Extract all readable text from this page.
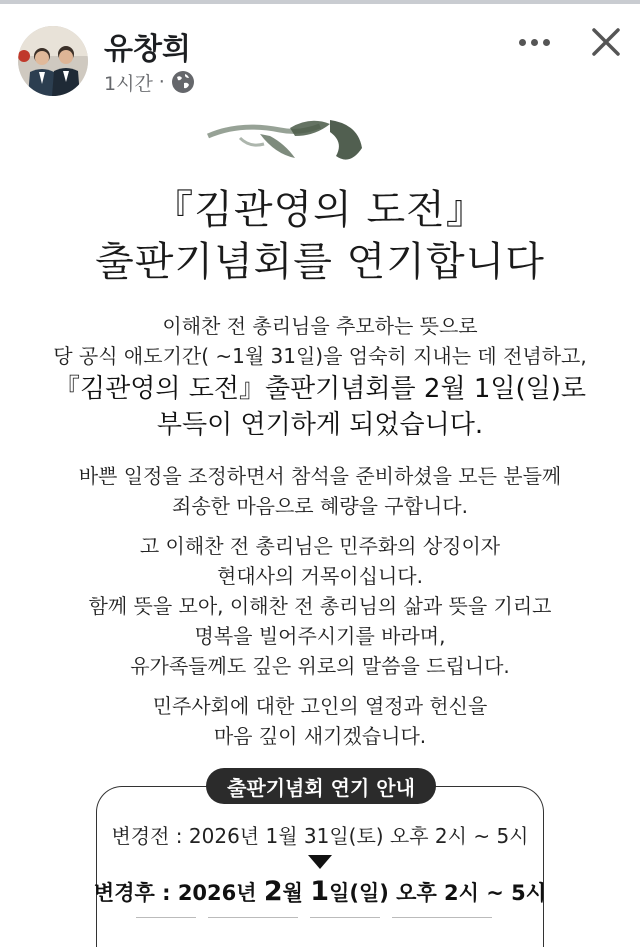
유창희
1시간 ·
『김관영의 도전』
출판기념회를 연기합니다
이해찬 전 총리님을 추모하는 뜻으로
당 공식 애도기간( ~1월 31일)을 엄숙히 지내는 데 전념하고,
『김관영의 도전』출판기념회를 2월 1일(일)로
부득이 연기하게 되었습니다.
바쁜 일정을 조정하면서 참석을 준비하셨을 모든 분들께
죄송한 마음으로 혜량을 구합니다.
고 이해찬 전 총리님은 민주화의 상징이자
현대사의 거목이십니다.
함께 뜻을 모아, 이해찬 전 총리님의 삶과 뜻을 기리고
명복을 빌어주시기를 바라며,
유가족들께도 깊은 위로의 말씀을 드립니다.
민주사회에 대한 고인의 열정과 헌신을
마음 깊이 새기겠습니다.
출판기념회 연기 안내
변경전 : 2026년 1월 31일(토) 오후 2시 ~ 5시
변경후 : 2026년 2월 1일(일) 오후 2시 ~ 5시
